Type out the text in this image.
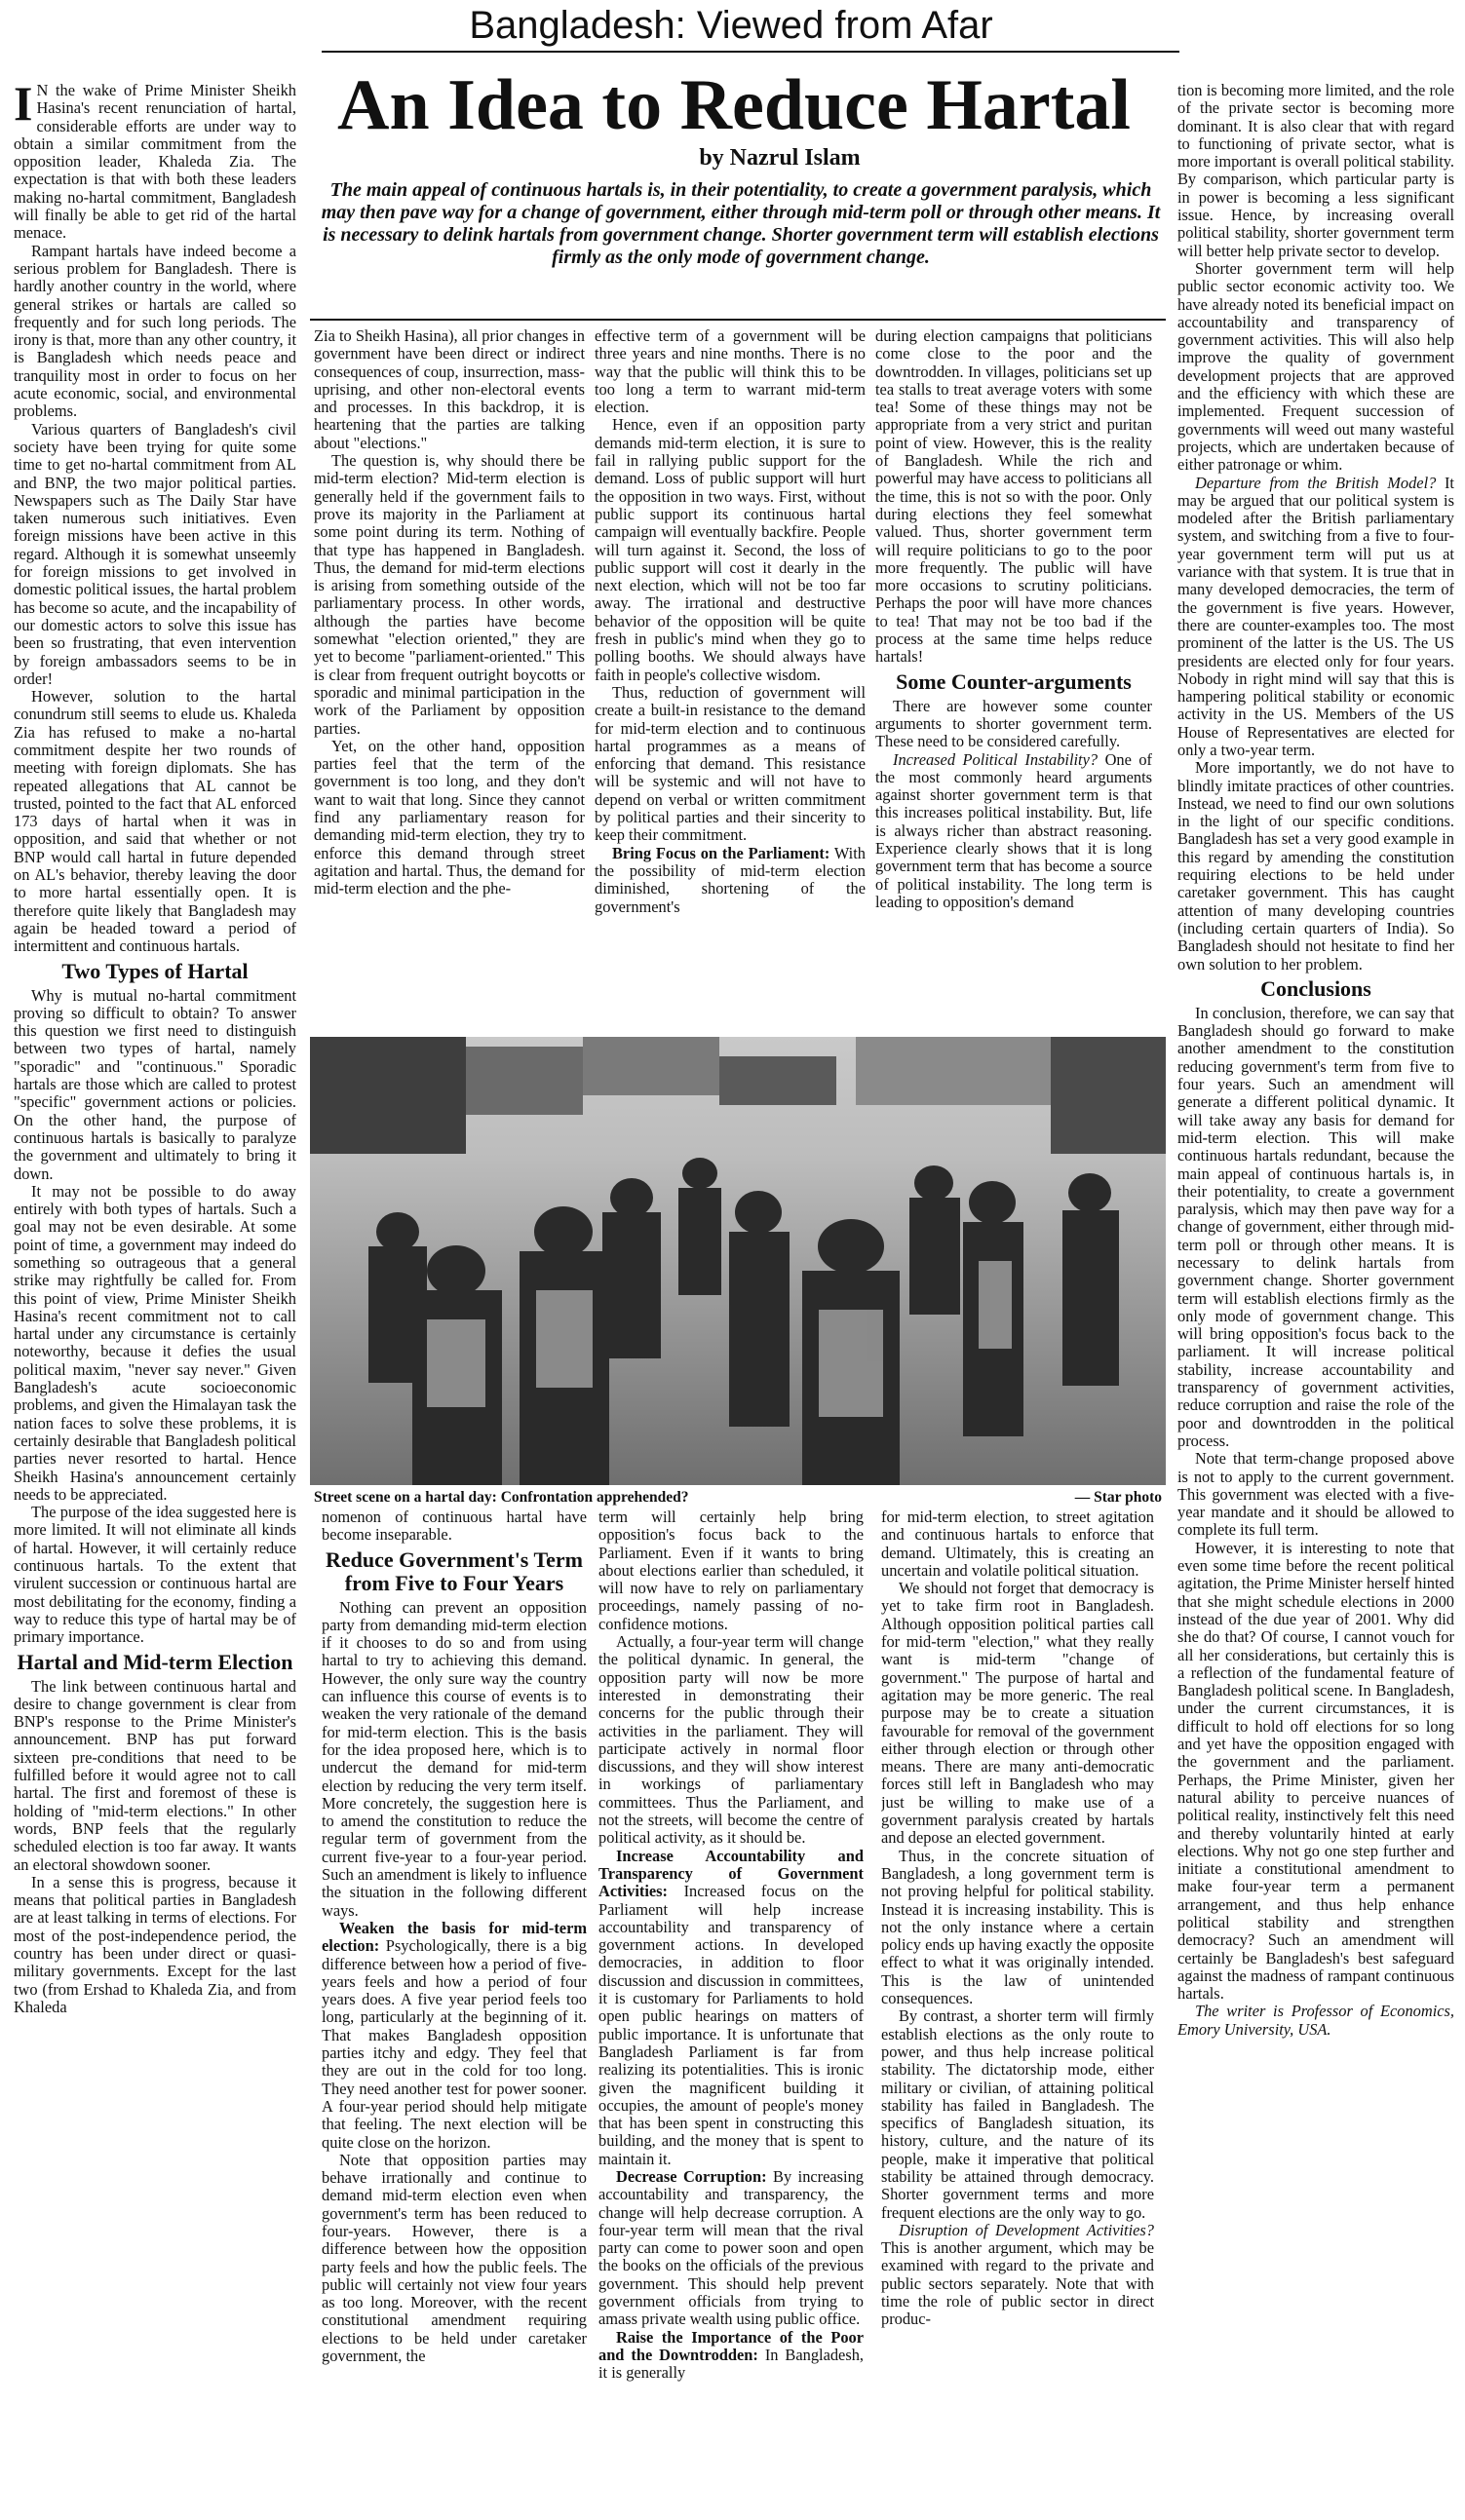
Bangladesh: Viewed from Afar
An Idea to Reduce Hartal
by Nazrul Islam
The main appeal of continuous hartals is, in their potentiality, to create a government paralysis, which may then pave way for a change of government, either through mid-term poll or through other means. It is necessary to delink hartals from government change. Shorter government term will establish elections firmly as the only mode of government change.

I N the wake of Prime Minister Sheikh Hasina's recent renunciation of hartal, considerable efforts are under way to obtain a similar commitment from the opposition leader, Khaleda Zia. The expectation is that with both these leaders making no-hartal commitment, Bangladesh will finally be able to get rid of the hartal menace.

Rampant hartals have indeed become a serious problem for Bangladesh. There is hardly another country in the world, where general strikes or hartals are called so frequently and for such long periods. The irony is that, more than any other country, it is Bangladesh which needs peace and tranquility most in order to focus on her acute economic, social, and environmental problems.

Various quarters of Bangladesh's civil society have been trying for quite some time to get no-hartal commitment from AL and BNP, the two major political parties. Newspapers such as The Daily Star have taken numerous such initiatives. Even foreign missions have been active in this regard. Although it is somewhat unseemly for foreign missions to get involved in domestic political issues, the hartal problem has become so acute, and the incapability of our domestic actors to solve this issue has been so frustrating, that even intervention by foreign ambassadors seems to be in order!

However, solution to the hartal conundrum still seems to elude us. Khaleda Zia has refused to make a no-hartal commitment despite her two rounds of meeting with foreign diplomats. She has repeated allegations that AL cannot be trusted, pointed to the fact that AL enforced 173 days of hartal when it was in opposition, and said that whether or not BNP would call hartal in future depended on AL's behavior, thereby leaving the door to more hartal essentially open. It is therefore quite likely that Bangladesh may again be headed toward a period of intermittent and continuous hartals.

Two Types of Hartal

Why is mutual no-hartal commitment proving so difficult to obtain? To answer this question we first need to distinguish between two types of hartal, namely "sporadic" and "continuous." Sporadic hartals are those which are called to protest "specific" government actions or policies. On the other hand, the purpose of continuous hartals is basically to paralyze the government and ultimately to bring it down.

It may not be possible to do away entirely with both types of hartals. Such a goal may not be even desirable. At some point of time, a government may indeed do something so outrageous that a general strike may rightfully be called for. From this point of view, Prime Minister Sheikh Hasina's recent commitment not to call hartal under any circumstance is certainly noteworthy, because it defies the usual political maxim, "never say never." Given Bangladesh's acute socioeconomic problems, and given the Himalayan task the nation faces to solve these problems, it is certainly desirable that Bangladesh political parties never resorted to hartal. Hence Sheikh Hasina's announcement certainly needs to be appreciated.

The purpose of the idea suggested here is more limited. It will not eliminate all kinds of hartal. However, it will certainly reduce continuous hartals. To the extent that virulent succession or continuous hartal are most debilitating for the economy, finding a way to reduce this type of hartal may be of primary importance.

Hartal and Mid-term Election

The link between continuous hartal and desire to change government is clear from BNP's response to the Prime Minister's announcement. BNP has put forward sixteen pre-conditions that need to be fulfilled before it would agree not to call hartal. The first and foremost of these is holding of "mid-term elections." In other words, BNP feels that the regularly scheduled election is too far away. It wants an electoral showdown sooner.

In a sense this is progress, because it means that political parties in Bangladesh are at least talking in terms of elections. For most of the post-independence period, the country has been under direct or quasi-military governments. Except for the last two (from Ershad to Khaleda Zia, and from Khaleda

Zia to Sheikh Hasina), all prior changes in government have been direct or indirect consequences of coup, insurrection, mass-uprising, and other non-electoral events and processes. In this backdrop, it is heartening that the parties are talking about "elections."

The question is, why should there be mid-term election? Mid-term election is generally held if the government fails to prove its majority in the Parliament at some point during its term. Nothing of that type has happened in Bangladesh. Thus, the demand for mid-term elections is arising from something outside of the parliamentary process. In other words, although the parties have become somewhat "election oriented," they are yet to become "parliament-oriented." This is clear from frequent outright boycotts or sporadic and minimal participation in the work of the Parliament by opposition parties.

Yet, on the other hand, opposition parties feel that the term of the government is too long, and they don't want to wait that long. Since they cannot find any parliamentary reason for demanding mid-term election, they try to enforce this demand through street agitation and hartal. Thus, the demand for mid-term election and the phe-

effective term of a government will be three years and nine months. There is no way that the public will think this to be too long a term to warrant mid-term election.

Hence, even if an opposition party demands mid-term election, it is sure to fail in rallying public support for the demand. Loss of public support will hurt the opposition in two ways. First, without public support its continuous hartal campaign will eventually backfire. People will turn against it. Second, the loss of public support will cost it dearly in the next election, which will not be too far away. The irrational and destructive behavior of the opposition will be quite fresh in public's mind when they go to polling booths. We should always have faith in people's collective wisdom.

Thus, reduction of government will create a built-in resistance to the demand for mid-term election and to continuous hartal programmes as a means of enforcing that demand. This resistance will be systemic and will not have to depend on verbal or written commitment by political parties and their sincerity to keep their commitment.

Bring Focus on the Parliament: With the possibility of mid-term election diminished, shortening of the government's

during election campaigns that politicians come close to the poor and the downtrodden. In villages, politicians set up tea stalls to treat average voters with some tea! Some of these things may not be appropriate from a very strict and puritan point of view. However, this is the reality of Bangladesh. While the rich and powerful may have access to politicians all the time, this is not so with the poor. Only during elections they feel somewhat valued. Thus, shorter government term will require politicians to go to the poor more frequently. The public will have more occasions to scrutiny politicians. Perhaps the poor will have more chances to tea! That may not be too bad if the process at the same time helps reduce hartals!

Some Counter-arguments

There are however some counter arguments to shorter government term. These need to be considered carefully.

Increased Political Instability? One of the most commonly heard arguments against shorter government term is that this increases political instability. But, life is always richer than abstract reasoning. Experience clearly shows that it is long government term that has become a source of political instability. The long term is leading to opposition's demand

tion is becoming more limited, and the role of the private sector is becoming more dominant. It is also clear that with regard to functioning of private sector, what is more important is overall political stability. By comparison, which particular party is in power is becoming a less significant issue. Hence, by increasing overall political stability, shorter government term will better help private sector to develop.

Shorter government term will help public sector economic activity too. We have already noted its beneficial impact on accountability and transparency of government activities. This will also help improve the quality of government development projects that are approved and the efficiency with which these are implemented. Frequent succession of governments will weed out many wasteful projects, which are undertaken because of either patronage or whim.

Departure from the British Model? It may be argued that our political system is modeled after the British parliamentary system, and switching from a five to four-year government term will put us at variance with that system. It is true that in many developed democracies, the term of the government is five years. However, there are counter-examples too. The most prominent of the latter is the US. The US presidents are elected only for four years. Nobody in right mind will say that this is hampering political stability or economic activity in the US. Members of the US House of Representatives are elected for only a two-year term.

More importantly, we do not have to blindly imitate practices of other countries. Instead, we need to find our own solutions in the light of our specific conditions. Bangladesh has set a very good example in this regard by amending the constitution requiring elections to be held under caretaker government. This has caught attention of many developing countries (including certain quarters of India). So Bangladesh should not hesitate to find her own solution to her problem.

Conclusions

In conclusion, therefore, we can say that Bangladesh should go forward to make another amendment to the constitution reducing government's term from five to four years. Such an amendment will generate a different political dynamic. It will take away any basis for demand for mid-term election. This will make continuous hartals redundant, because the main appeal of continuous hartals is, in their potentiality, to create a government paralysis, which may then pave way for a change of government, either through mid-term poll or through other means. It is necessary to delink hartals from government change. Shorter government term will establish elections firmly as the only mode of government change. This will bring opposition's focus back to the parliament. It will increase political stability, increase accountability and transparency of government activities, reduce corruption and raise the role of the poor and downtrodden in the political process.

Note that term-change proposed above is not to apply to the current government. This government was elected with a five-year mandate and it should be allowed to complete its full term.

However, it is interesting to note that even some time before the recent political agitation, the Prime Minister herself hinted that she might schedule elections in 2000 instead of the due year of 2001. Why did she do that? Of course, I cannot vouch for all her considerations, but certainly this is a reflection of the fundamental feature of Bangladesh political scene. In Bangladesh, under the current circumstances, it is difficult to hold off elections for so long and yet have the opposition engaged with the government and the parliament. Perhaps, the Prime Minister, given her natural ability to perceive nuances of political reality, instinctively felt this need and thereby voluntarily hinted at early elections. Why not go one step further and initiate a constitutional amendment to make four-year term a permanent arrangement, and thus help enhance political stability and strengthen democracy? Such an amendment will certainly be Bangladesh's best safeguard against the madness of rampant continuous hartals.

The writer is Professor of Economics, Emory University, USA.

Street scene on a hartal day: Confrontation apprehended?	— Star photo

nomenon of continuous hartal have become inseparable.

Reduce Government's Term from Five to Four Years

Nothing can prevent an opposition party from demanding mid-term election if it chooses to do so and from using hartal to try to achieving this demand. However, the only sure way the country can influence this course of events is to weaken the very rationale of the demand for mid-term election. This is the basis for the idea proposed here, which is to undercut the demand for mid-term election by reducing the very term itself. More concretely, the suggestion here is to amend the constitution to reduce the regular term of government from the current five-year to a four-year period. Such an amendment is likely to influence the situation in the following different ways.

Weaken the basis for mid-term election: Psychologically, there is a big difference between how a period of five-years feels and how a period of four years does. A five year period feels too long, particularly at the beginning of it. That makes Bangladesh opposition parties itchy and edgy. They feel that they are out in the cold for too long. They need another test for power sooner. A four-year period should help mitigate that feeling. The next election will be quite close on the horizon.

Note that opposition parties may behave irrationally and continue to demand mid-term election even when government's term has been reduced to four-years. However, there is a difference between how the opposition party feels and how the public feels. The public will certainly not view four years as too long. Moreover, with the recent constitutional amendment requiring elections to be held under caretaker government, the

term will certainly help bring opposition's focus back to the Parliament. Even if it wants to bring about elections earlier than scheduled, it will now have to rely on parliamentary proceedings, namely passing of no-confidence motions.

Actually, a four-year term will change the political dynamic. In general, the opposition party will now be more interested in demonstrating their concerns for the public through their activities in the parliament. They will participate actively in normal floor discussions, and they will show interest in workings of parliamentary committees. Thus the Parliament, and not the streets, will become the centre of political activity, as it should be.

Increase Accountability and Transparency of Government Activities: Increased focus on the Parliament will help increase accountability and transparency of government actions. In developed democracies, in addition to floor discussion and discussion in committees, it is customary for Parliaments to hold open public hearings on matters of public importance. It is unfortunate that Bangladesh Parliament is far from realizing its potentialities. This is ironic given the magnificent building it occupies, the amount of people's money that has been spent in constructing this building, and the money that is spent to maintain it.

Decrease Corruption: By increasing accountability and transparency, the change will help decrease corruption. A four-year term will mean that the rival party can come to power soon and open the books on the officials of the previous government. This should help prevent government officials from trying to amass private wealth using public office.

Raise the Importance of the Poor and the Downtrodden: In Bangladesh, it is generally

for mid-term election, to street agitation and continuous hartals to enforce that demand. Ultimately, this is creating an uncertain and volatile political situation.

We should not forget that democracy is yet to take firm root in Bangladesh. Although opposition political parties call for mid-term "election," what they really want is mid-term "change of government." The purpose of hartal and agitation may be more generic. The real purpose may be to create a situation favourable for removal of the government either through election or through other means. There are many anti-democratic forces still left in Bangladesh who may just be willing to make use of a government paralysis created by hartals and depose an elected government.

Thus, in the concrete situation of Bangladesh, a long government term is not proving helpful for political stability. Instead it is increasing instability. This is not the only instance where a certain policy ends up having exactly the opposite effect to what it was originally intended. This is the law of unintended consequences.

By contrast, a shorter term will firmly establish elections as the only route to power, and thus help increase political stability. The dictatorship mode, either military or civilian, of attaining political stability has failed in Bangladesh. The specifics of Bangladesh situation, its history, culture, and the nature of its people, make it imperative that political stability be attained through democracy. Shorter government terms and more frequent elections are the only way to go.

Disruption of Development Activities? This is another argument, which may be examined with regard to the private and public sectors separately. Note that with time the role of public sector in direct produc-
